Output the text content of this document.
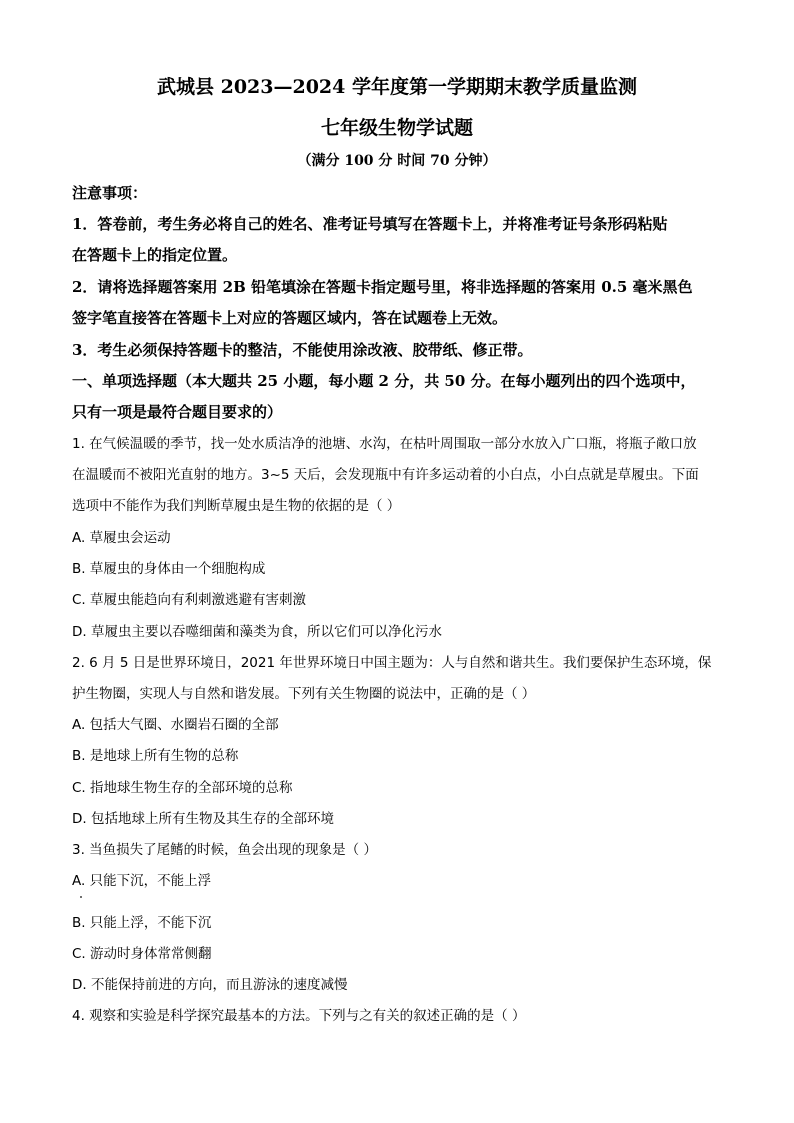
武城县 2023—2024 学年度第一学期期末教学质量监测
七年级生物学试题
（满分 100 分 时间 70 分钟）
注意事项：
1．答卷前，考生务必将自己的姓名、准考证号填写在答题卡上，并将准考证号条形码粘贴
在答题卡上的指定位置。
2．请将选择题答案用 2B 铅笔填涂在答题卡指定题号里，将非选择题的答案用 0.5 毫米黑色
签字笔直接答在答题卡上对应的答题区域内，答在试题卷上无效。
3．考生必须保持答题卡的整洁，不能使用涂改液、胶带纸、修正带。
一、单项选择题（本大题共 25 小题，每小题 2 分，共 50 分。在每小题列出的四个选项中，
只有一项是最符合题目要求的）
1. 在气候温暖的季节，找一处水质洁净的池塘、水沟，在枯叶周围取一部分水放入广口瓶，将瓶子敞口放
在温暖而不被阳光直射的地方。3~5 天后，会发现瓶中有许多运动着的小白点，小白点就是草履虫。下面
选项中不能作为我们判断草履虫是生物的依据的是（ ）
A. 草履虫会运动
B. 草履虫的身体由一个细胞构成
C. 草履虫能趋向有利刺激逃避有害刺激
D. 草履虫主要以吞噬细菌和藻类为食，所以它们可以净化污水
2. 6 月 5 日是世界环境日，2021 年世界环境日中国主题为：人与自然和谐共生。我们要保护生态环境，保
护生物圈，实现人与自然和谐发展。下列有关生物圈的说法中，正确的是（ ）
A. 包括大气圈、水圈岩石圈的全部
B. 是地球上所有生物的总称
C. 指地球生物生存的全部环境的总称
D. 包括地球上所有生物及其生存的全部环境
3. 当鱼损失了尾鳍的时候，鱼会出现的现象是（ ）
A. 只能下沉，不能上浮
B. 只能上浮，不能下沉
C. 游动时身体常常侧翻
D. 不能保持前进的方向，而且游泳的速度减慢
4. 观察和实验是科学探究最基本的方法。下列与之有关的叙述正确的是（ ）
